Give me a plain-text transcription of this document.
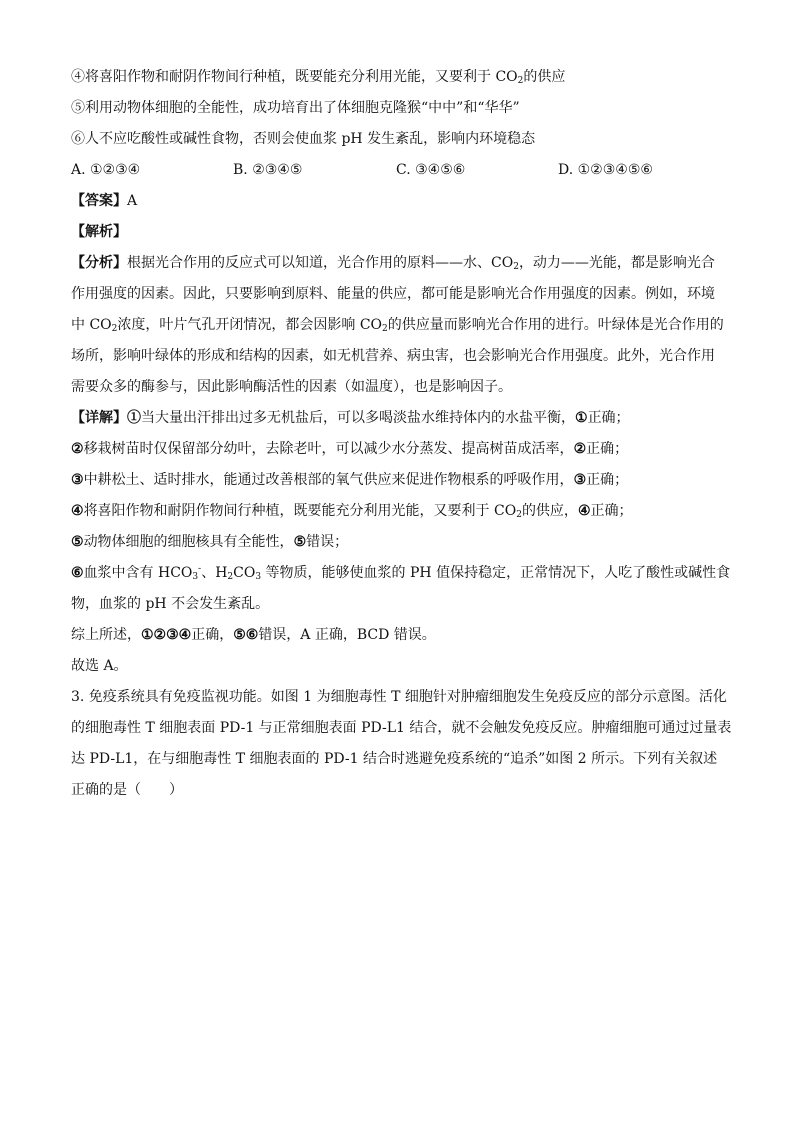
④将喜阳作物和耐阴作物间行种植，既要能充分利用光能，又要利于 $CO_2$的供应
⑤利用动物体细胞的全能性，成功培育出了体细胞克隆猴“中中”和“华华”
⑥人不应吃酸性或碱性食物，否则会使血浆 pH 发生紊乱，影响内环境稳态
A. ①②③④	B. ②③④⑤	C. ③④⑤⑥	D. ①②③④⑤⑥
【答案】A
【解析】
【分析】根据光合作用的反应式可以知道，光合作用的原料——水、$CO_2$，动力——光能，都是影响光合
作用强度的因素。因此，只要影响到原料、能量的供应，都可能是影响光合作用强度的因素。例如，环境
中 $CO_2$浓度，叶片气孔开闭情况，都会因影响 $CO_2$的供应量而影响光合作用的进行。叶绿体是光合作用的
场所，影响叶绿体的形成和结构的因素，如无机营养、病虫害，也会影响光合作用强度。此外，光合作用
需要众多的酶参与，因此影响酶活性的因素（如温度），也是影响因子。
【详解】①当大量出汗排出过多无机盐后，可以多喝淡盐水维持体内的水盐平衡，①正确；
②移栽树苗时仅保留部分幼叶，去除老叶，可以减少水分蒸发、提高树苗成活率，②正确；
③中耕松土、适时排水，能通过改善根部的氧气供应来促进作物根系的呼吸作用，③正确；
④将喜阳作物和耐阴作物间行种植，既要能充分利用光能，又要利于 $CO_2$的供应，④正确；
⑤动物体细胞的细胞核具有全能性，⑤错误；
⑥血浆中含有 $HCO_3^-$、$H_2CO_3$ 等物质，能够使血浆的 PH 值保持稳定，正常情况下，人吃了酸性或碱性食
物，血浆的 pH 不会发生紊乱。
综上所述，①②③④正确，⑤⑥错误，A 正确，BCD 错误。
故选 A。
3. 免疫系统具有免疫监视功能。如图 1 为细胞毒性 T 细胞针对肿瘤细胞发生免疫反应的部分示意图。活化
的细胞毒性 T 细胞表面 PD-1 与正常细胞表面 PD-L1 结合，就不会触发免疫反应。肿瘤细胞可通过过量表
达 PD-L1，在与细胞毒性 T 细胞表面的 PD-1 结合时逃避免疫系统的“追杀”如图 2 所示。下列有关叙述
正确的是（　　）
